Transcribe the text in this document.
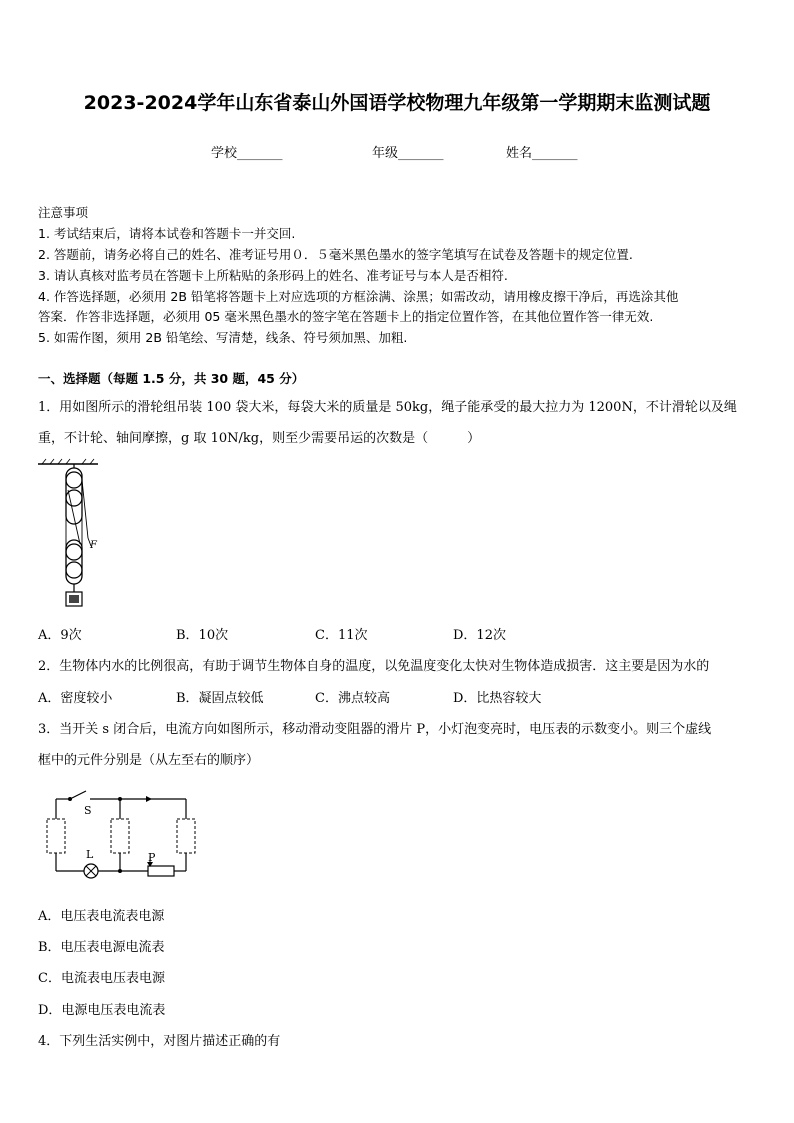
2023-2024学年山东省泰山外国语学校物理九年级第一学期期末监测试题
学校_______	年级_______	姓名_______
注意事项
1. 考试结束后，请将本试卷和答题卡一并交回.
2. 答题前，请务必将自己的姓名、准考证号用０．５毫米黑色墨水的签字笔填写在试卷及答题卡的规定位置.
3. 请认真核对监考员在答题卡上所粘贴的条形码上的姓名、准考证号与本人是否相符.
4. 作答选择题，必须用 2B 铅笔将答题卡上对应选项的方框涂满、涂黑；如需改动，请用橡皮擦干净后，再选涂其他
答案．作答非选择题，必须用 05 毫米黑色墨水的签字笔在答题卡上的指定位置作答，在其他位置作答一律无效.
5. 如需作图，须用 2B 铅笔绘、写清楚，线条、符号须加黑、加粗.
一、选择题（每题 1.5 分，共 30 题，45 分）
1．用如图所示的滑轮组吊装 100 袋大米，每袋大米的质量是 50kg，绳子能承受的最大拉力为 1200N，不计滑轮以及绳
重，不计轮、轴间摩擦，g 取 10N/kg，则至少需要吊运的次数是（　　　）
F
A．9次	B．10次	C．11次	D．12次
2．生物体内水的比例很高，有助于调节生物体自身的温度，以免温度变化太快对生物体造成损害．这主要是因为水的
A．密度较小	B．凝固点较低	C．沸点较高	D．比热容较大
3．当开关 s 闭合后，电流方向如图所示，移动滑动变阻器的滑片 P，小灯泡变亮时，电压表的示数变小。则三个虚线
框中的元件分别是（从左至右的顺序）
S
L	P
A．电压表电流表电源
B．电压表电源电流表
C．电流表电压表电源
D．电源电压表电流表
4．下列生活实例中，对图片描述正确的有
